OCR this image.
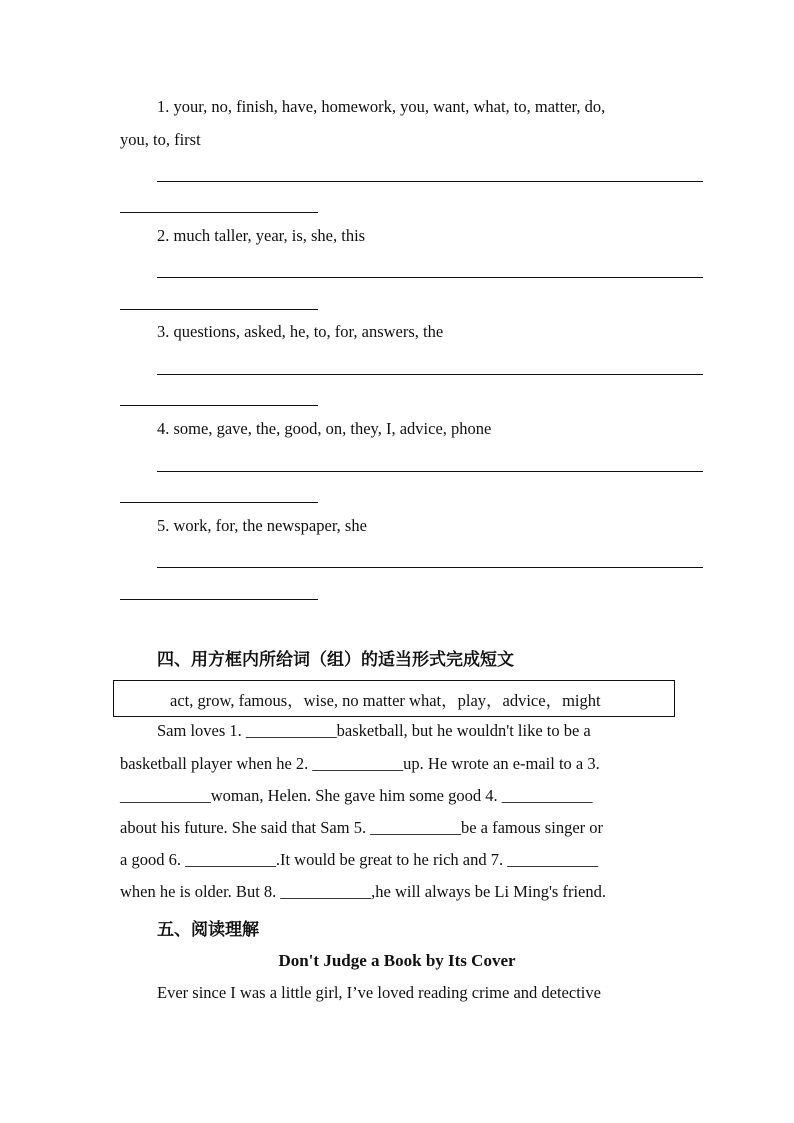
1. your, no, finish, have, homework, you, want, what, to, matter, do,
you, to, first
2. much taller, year, is, she, this
3. questions, asked, he, to, for, answers, the
4. some, gave, the, good, on, they, I, advice, phone
5. work, for, the newspaper, she
四、用方框内所给词（组）的适当形式完成短文
act, grow, famous，wise, no matter what，play，advice，might
Sam loves 1. ___________basketball, but he wouldn't like to be a
basketball player when he 2. ___________up. He wrote an e-mail to a 3.
___________woman, Helen. She gave him some good 4. ___________
about his future. She said that Sam 5. ___________be a famous singer or
a good 6. ___________.It would be great to he rich and 7. ___________
when he is older. But 8. ___________,he will always be Li Ming's friend.
五、阅读理解
Don't Judge a Book by Its Cover
Ever since I was a little girl, I’ve loved reading crime and detective
